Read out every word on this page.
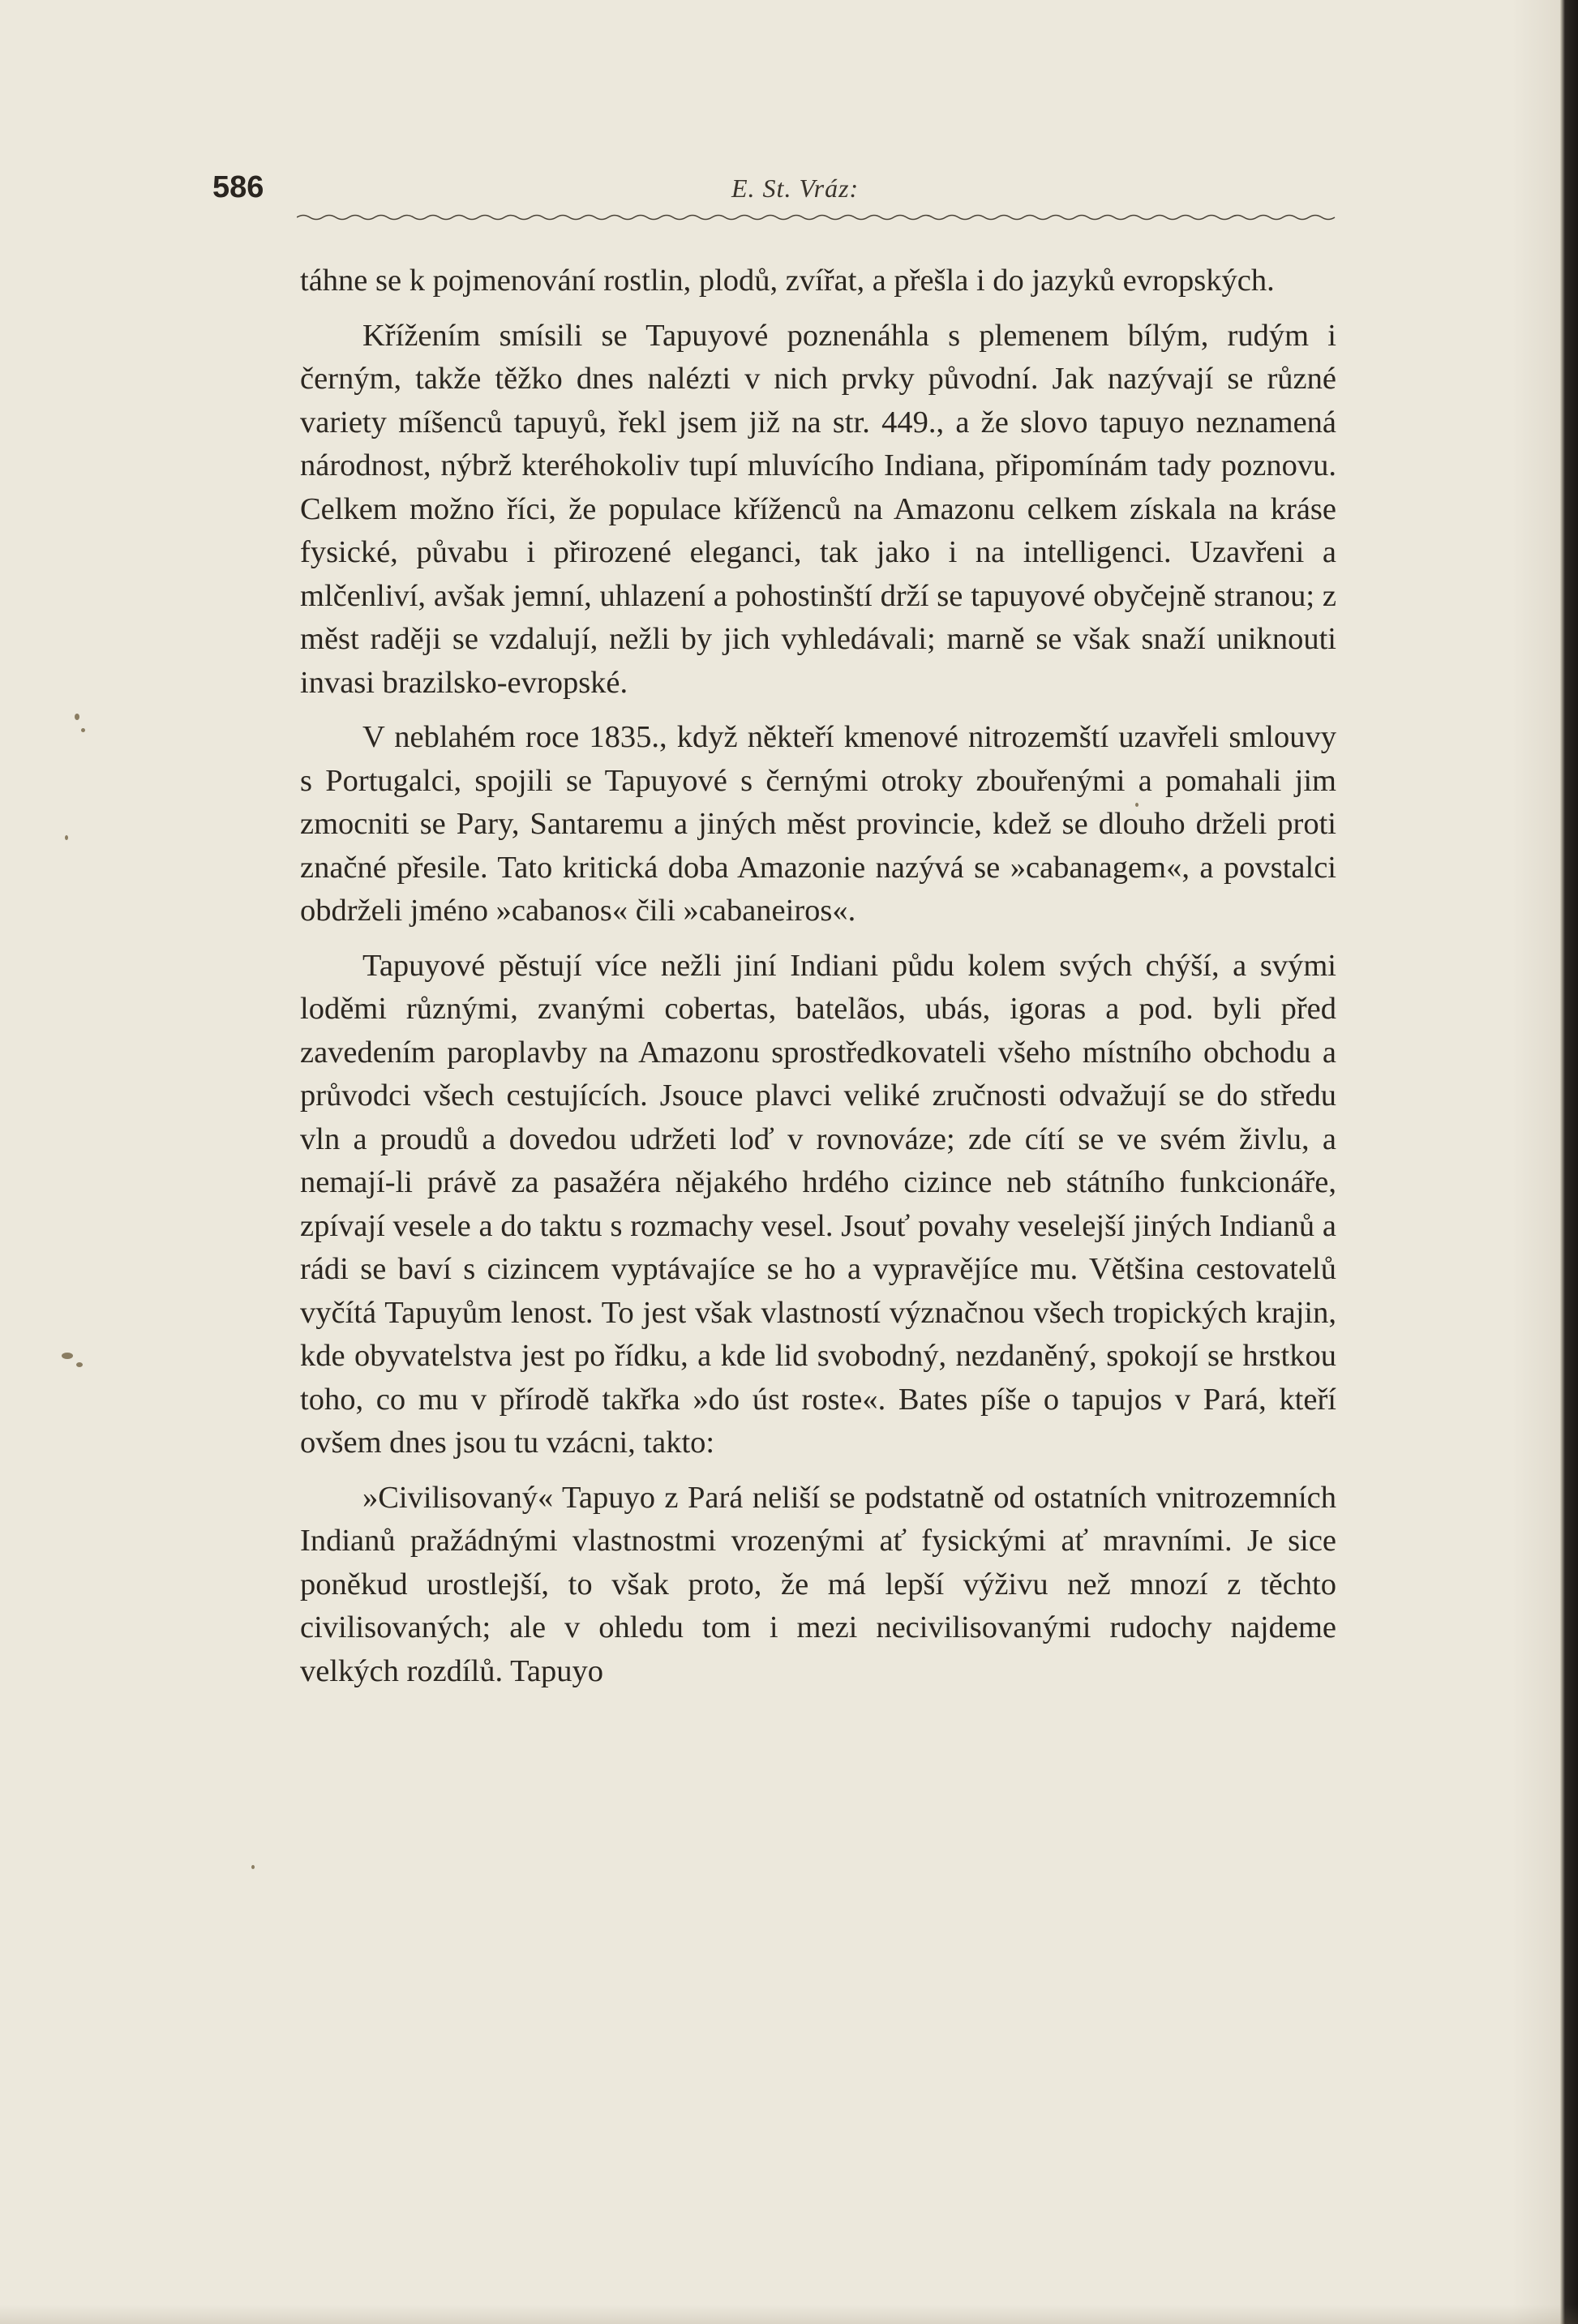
586	E. St. Vráz:

táhne se k pojmenování rostlin, plodů, zvířat, a přešla i do jazyků evropských.

Křížením smísili se Tapuyové poznenáhla s plemenem bílým, rudým i černým, takže těžko dnes nalézti v nich prvky původní. Jak nazývají se různé variety míšenců tapuyů, řekl jsem již na str. 449., a že slovo tapuyo neznamená národnost, nýbrž kteréhokoliv tupí mluvícího Indiana, připomínám tady poznovu. Celkem možno říci, že populace kříženců na Amazonu celkem získala na kráse fysické, půvabu i přirozené eleganci, tak jako i na intelligenci. Uzavřeni a mlčenliví, avšak jemní, uhlazení a pohostinští drží se tapuyové obyčejně stranou; z měst raději se vzdalují, nežli by jich vyhledávali; marně se však snaží uniknouti invasi brazilsko-evropské.

V neblahém roce 1835., když někteří kmenové nitrozemští uzavřeli smlouvy s Portugalci, spojili se Tapuyové s černými otroky zbouřenými a pomahali jim zmocniti se Pary, Santaremu a jiných měst provincie, kdež se dlouho drželi proti značné přesile. Tato kritická doba Amazonie nazývá se »cabanagem«, a povstalci obdrželi jméno »cabanos« čili »cabaneiros«.

Tapuyové pěstují více nežli jiní Indiani půdu kolem svých chýší, a svými loděmi různými, zvanými cobertas, batelãos, ubás, igoras a pod. byli před zavedením paroplavby na Amazonu sprostředkovateli všeho místního obchodu a průvodci všech cestujících. Jsouce plavci veliké zručnosti odvažují se do středu vln a proudů a dovedou udržeti loď v rovnováze; zde cítí se ve svém živlu, a nemají-li právě za pasažéra nějakého hrdého cizince neb státního funkcionáře, zpívají vesele a do taktu s rozmachy vesel. Jsouť povahy veselejší jiných Indianů a rádi se baví s cizincem vyptávajíce se ho a vypravějíce mu. Většina cestovatelů vyčítá Tapuyům lenost. To jest však vlastností význačnou všech tropických krajin, kde obyvatelstva jest po řídku, a kde lid svobodný, nezdaněný, spokojí se hrstkou toho, co mu v přírodě takřka »do úst roste«. Bates píše o tapujos v Pará, kteří ovšem dnes jsou tu vzácni, takto:

»Civilisovaný« Tapuyo z Pará neliší se podstatně od ostatních vnitrozemních Indianů pražádnými vlastnostmi vrozenými ať fysickými ať mravními. Je sice poněkud urostlejší, to však proto, že má lepší výživu než mnozí z těchto civilisovaných; ale v ohledu tom i mezi necivilisovanými rudochy najdeme velkých rozdílů. Tapuyo
